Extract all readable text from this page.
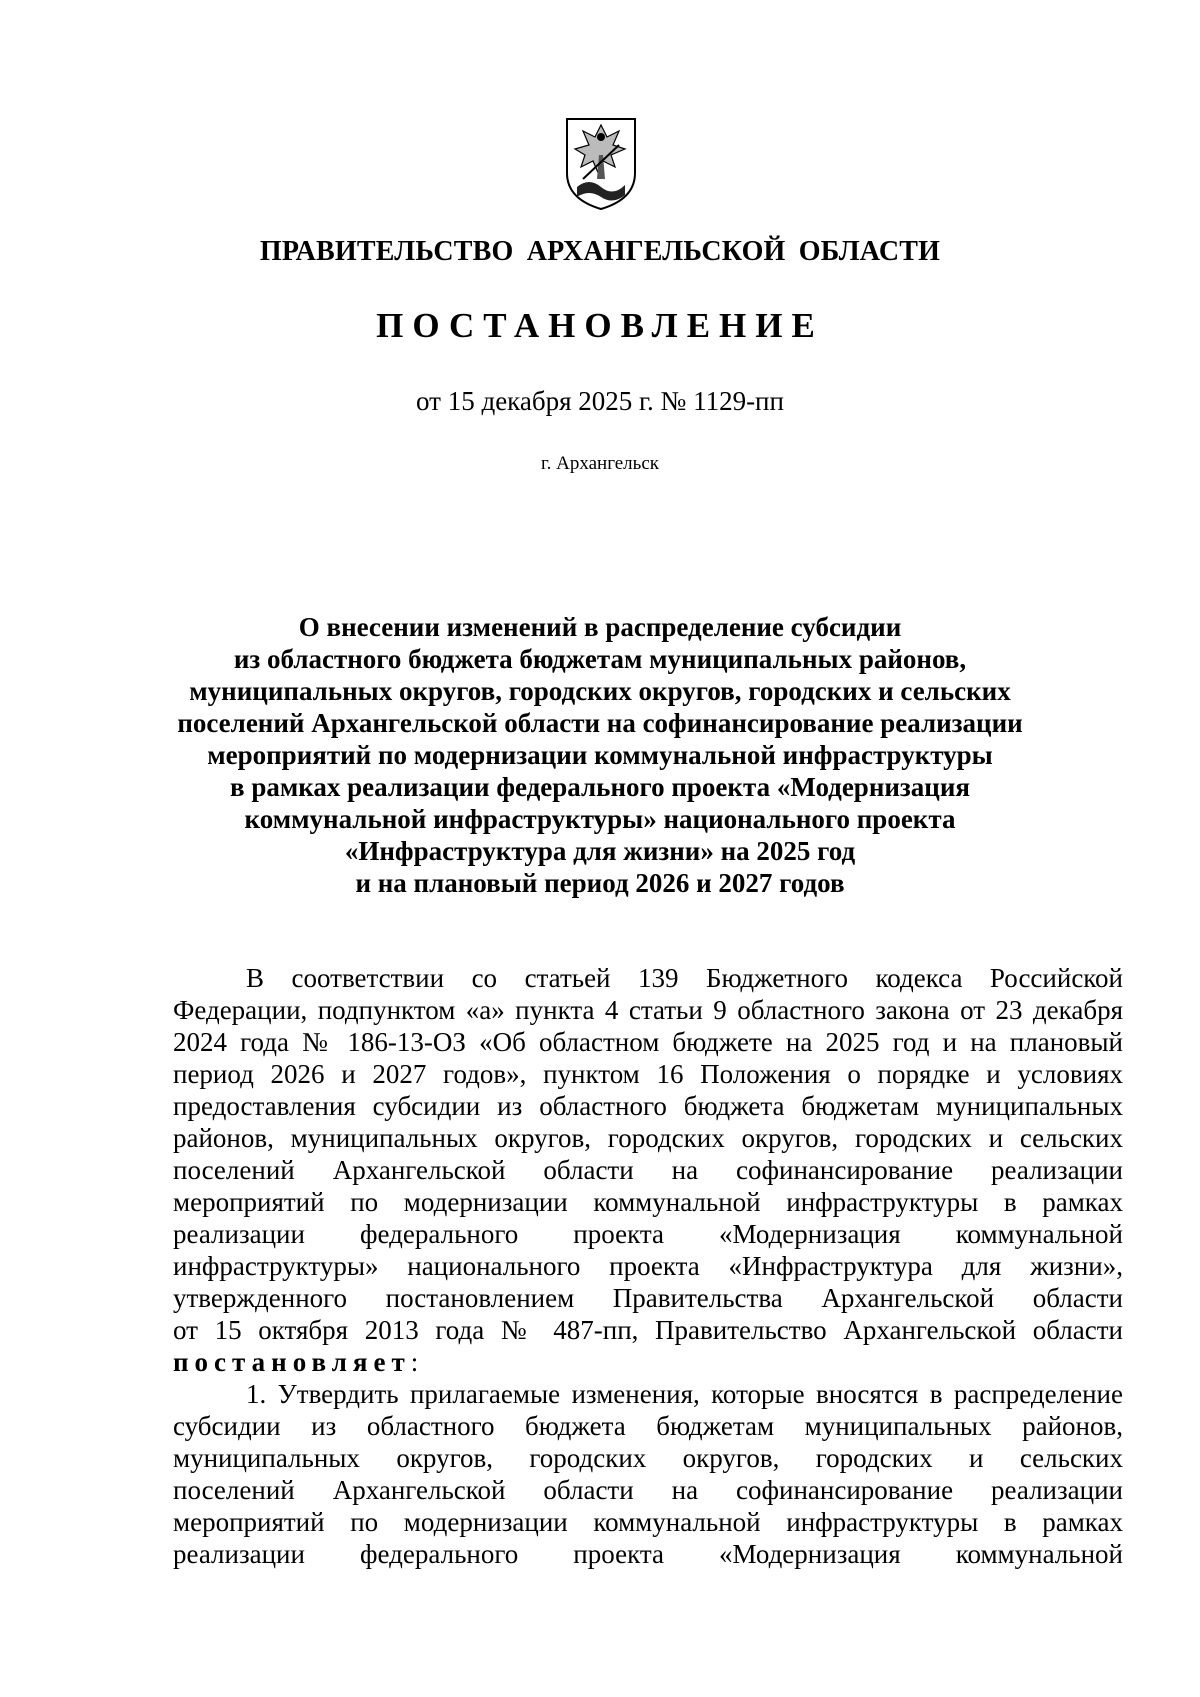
ПРАВИТЕЛЬСТВО АРХАНГЕЛЬСКОЙ ОБЛАСТИ
ПОСТАНОВЛЕНИЕ
от 15 декабря 2025 г. № 1129-пп
г. Архангельск
О внесении изменений в распределение субсидии
из областного бюджета бюджетам муниципальных районов,
муниципальных округов, городских округов, городских и сельских
поселений Архангельской области на софинансирование реализации
мероприятий по модернизации коммунальной инфраструктуры
в рамках реализации федерального проекта «Модернизация
коммунальной инфраструктуры» национального проекта
«Инфраструктура для жизни» на 2025 год
и на плановый период 2026 и 2027 годов
В соответствии со статьей 139 Бюджетного кодекса Российской
Федерации, подпунктом «а» пункта 4 статьи 9 областного закона от 23 декабря
2024 года № 186-13-ОЗ «Об областном бюджете на 2025 год и на плановый
период 2026 и 2027 годов», пунктом 16 Положения о порядке и условиях
предоставления субсидии из областного бюджета бюджетам муниципальных
районов, муниципальных округов, городских округов, городских и сельских
поселений Архангельской области на софинансирование реализации
мероприятий по модернизации коммунальной инфраструктуры в рамках
реализации федерального проекта «Модернизация коммунальной
инфраструктуры» национального проекта «Инфраструктура для жизни»,
утвержденного постановлением Правительства Архангельской области
от 15 октября 2013 года № 487-пп, Правительство Архангельской области
постановляет:
1. Утвердить прилагаемые изменения, которые вносятся в распределение
субсидии из областного бюджета бюджетам муниципальных районов,
муниципальных округов, городских округов, городских и сельских
поселений Архангельской области на софинансирование реализации
мероприятий по модернизации коммунальной инфраструктуры в рамках
реализации федерального проекта «Модернизация коммунальной
